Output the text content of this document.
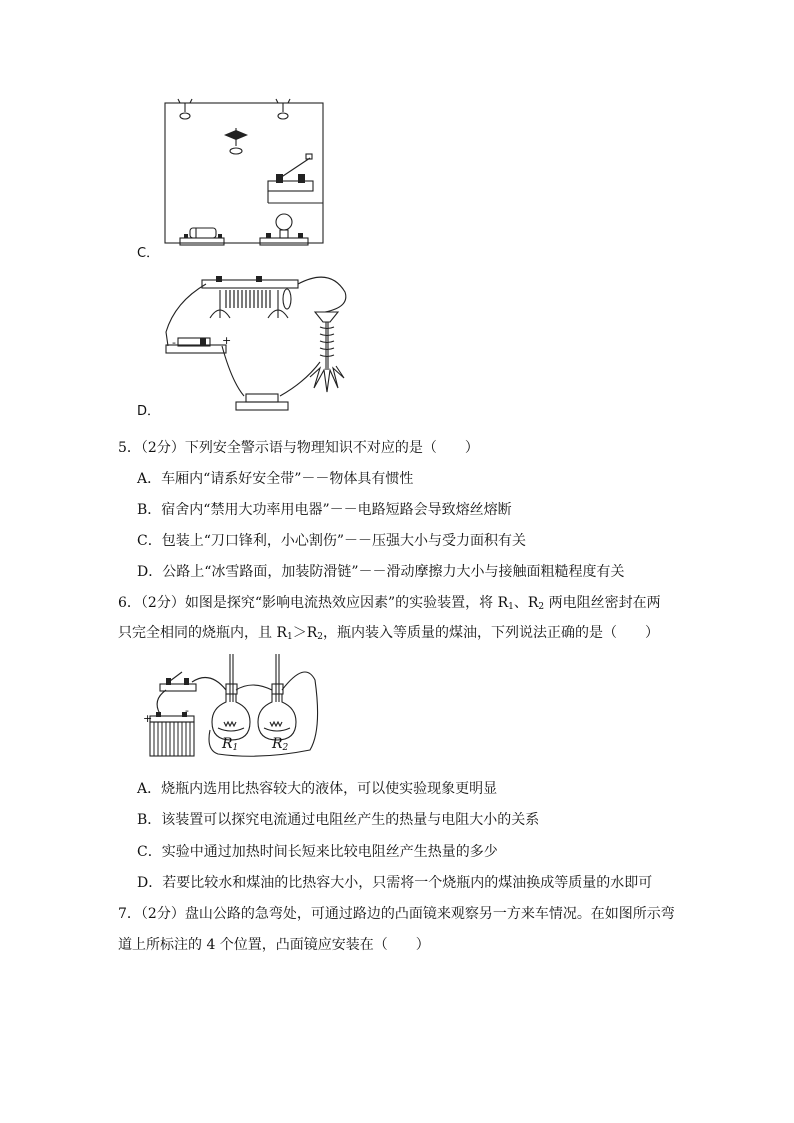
C．
-	+
D．
5．（2分）下列安全警示语与物理知识不对应的是（　　）
A．车厢内“请系好安全带”－－物体具有惯性
B．宿舍内“禁用大功率用电器”－－电路短路会导致熔丝熔断
C．包装上“刀口锋利，小心割伤”－－压强大小与受力面积有关
D．公路上“冰雪路面，加装防滑链”－－滑动摩擦力大小与接触面粗糙程度有关
6．（2分）如图是探究“影响电流热效应因素”的实验装置，将 $R_1$、$R_2$ 两电阻丝密封在两
只完全相同的烧瓶内，且 $R_1>R_2$，瓶内装入等质量的煤油，下列说法正确的是（　　）
+
-
$R_1$ $R_2$
A．烧瓶内选用比热容较大的液体，可以使实验现象更明显
B．该装置可以探究电流通过电阻丝产生的热量与电阻大小的关系
C．实验中通过加热时间长短来比较电阻丝产生热量的多少
D．若要比较水和煤油的比热容大小，只需将一个烧瓶内的煤油换成等质量的水即可
7．（2分）盘山公路的急弯处，可通过路边的凸面镜来观察另一方来车情况。在如图所示弯
道上所标注的 4 个位置，凸面镜应安装在（　　）
